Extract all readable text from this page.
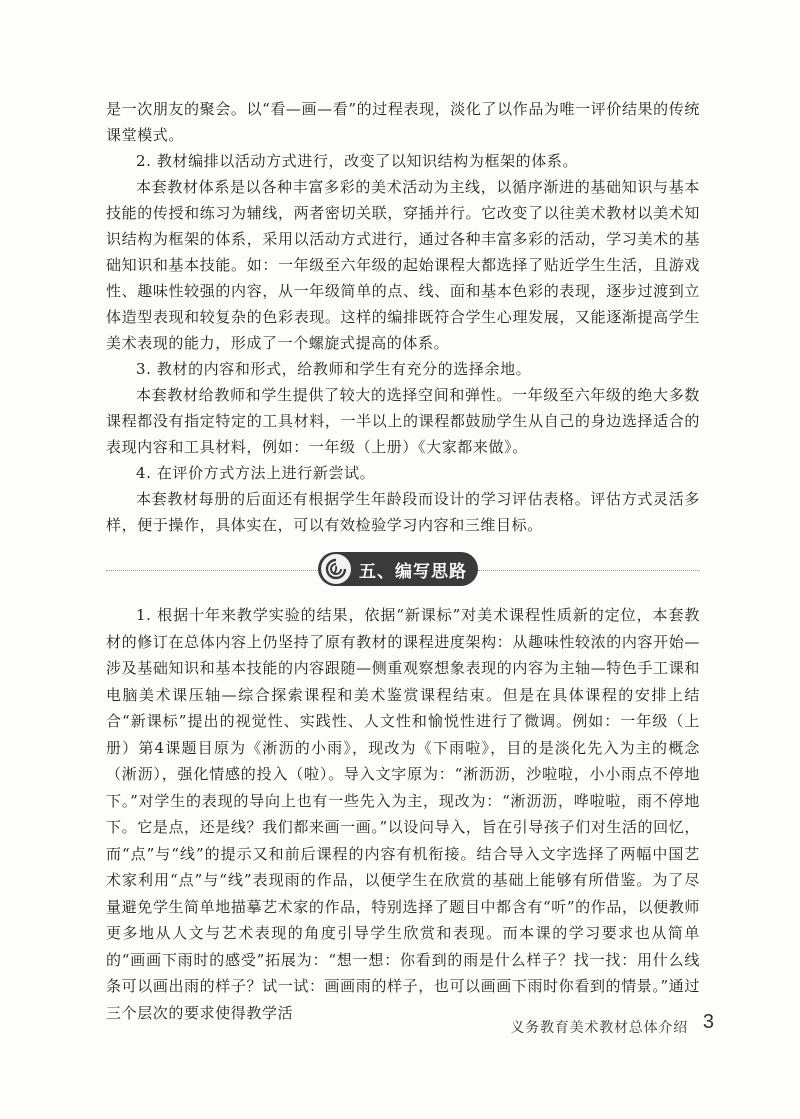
是一次朋友的聚会。以“看—画—看”的过程表现，淡化了以作品为唯一评价结果的传统课堂模式。

2. 教材编排以活动方式进行，改变了以知识结构为框架的体系。

本套教材体系是以各种丰富多彩的美术活动为主线，以循序渐进的基础知识与基本技能的传授和练习为辅线，两者密切关联，穿插并行。它改变了以往美术教材以美术知识结构为框架的体系，采用以活动方式进行，通过各种丰富多彩的活动，学习美术的基础知识和基本技能。如：一年级至六年级的起始课程大都选择了贴近学生生活，且游戏性、趣味性较强的内容，从一年级简单的点、线、面和基本色彩的表现，逐步过渡到立体造型表现和较复杂的色彩表现。这样的编排既符合学生心理发展，又能逐渐提高学生美术表现的能力，形成了一个螺旋式提高的体系。

3. 教材的内容和形式，给教师和学生有充分的选择余地。

本套教材给教师和学生提供了较大的选择空间和弹性。一年级至六年级的绝大多数课程都没有指定特定的工具材料，一半以上的课程都鼓励学生从自己的身边选择适合的表现内容和工具材料，例如：一年级（上册）《大家都来做》。

4. 在评价方式方法上进行新尝试。

本套教材每册的后面还有根据学生年龄段而设计的学习评估表格。评估方式灵活多样，便于操作，具体实在，可以有效检验学习内容和三维目标。

五、编写思路

1. 根据十年来教学实验的结果，依据“新课标”对美术课程性质新的定位，本套教材的修订在总体内容上仍坚持了原有教材的课程进度架构：从趣味性较浓的内容开始—涉及基础知识和基本技能的内容跟随—侧重观察想象表现的内容为主轴—特色手工课和电脑美术课压轴—综合探索课程和美术鉴赏课程结束。但是在具体课程的安排上结合“新课标”提出的视觉性、实践性、人文性和愉悦性进行了微调。例如：一年级（上册）第4课题目原为《淅沥的小雨》，现改为《下雨啦》，目的是淡化先入为主的概念（淅沥），强化情感的投入（啦）。导入文字原为：“淅沥沥，沙啦啦，小小雨点不停地下。”对学生的表现的导向上也有一些先入为主，现改为：“淅沥沥，哗啦啦，雨不停地下。它是点，还是线？我们都来画一画。”以设问导入，旨在引导孩子们对生活的回忆，而“点”与“线”的提示又和前后课程的内容有机衔接。结合导入文字选择了两幅中国艺术家利用“点”与“线”表现雨的作品，以便学生在欣赏的基础上能够有所借鉴。为了尽量避免学生简单地描摹艺术家的作品，特别选择了题目中都含有“听”的作品，以便教师更多地从人文与艺术表现的角度引导学生欣赏和表现。而本课的学习要求也从简单的“画画下雨时的感受”拓展为：“想一想：你看到的雨是什么样子？找一找：用什么线条可以画出雨的样子？试一试：画画雨的样子，也可以画画下雨时你看到的情景。”通过三个层次的要求使得教学活

义务教育美术教材总体介绍 3
